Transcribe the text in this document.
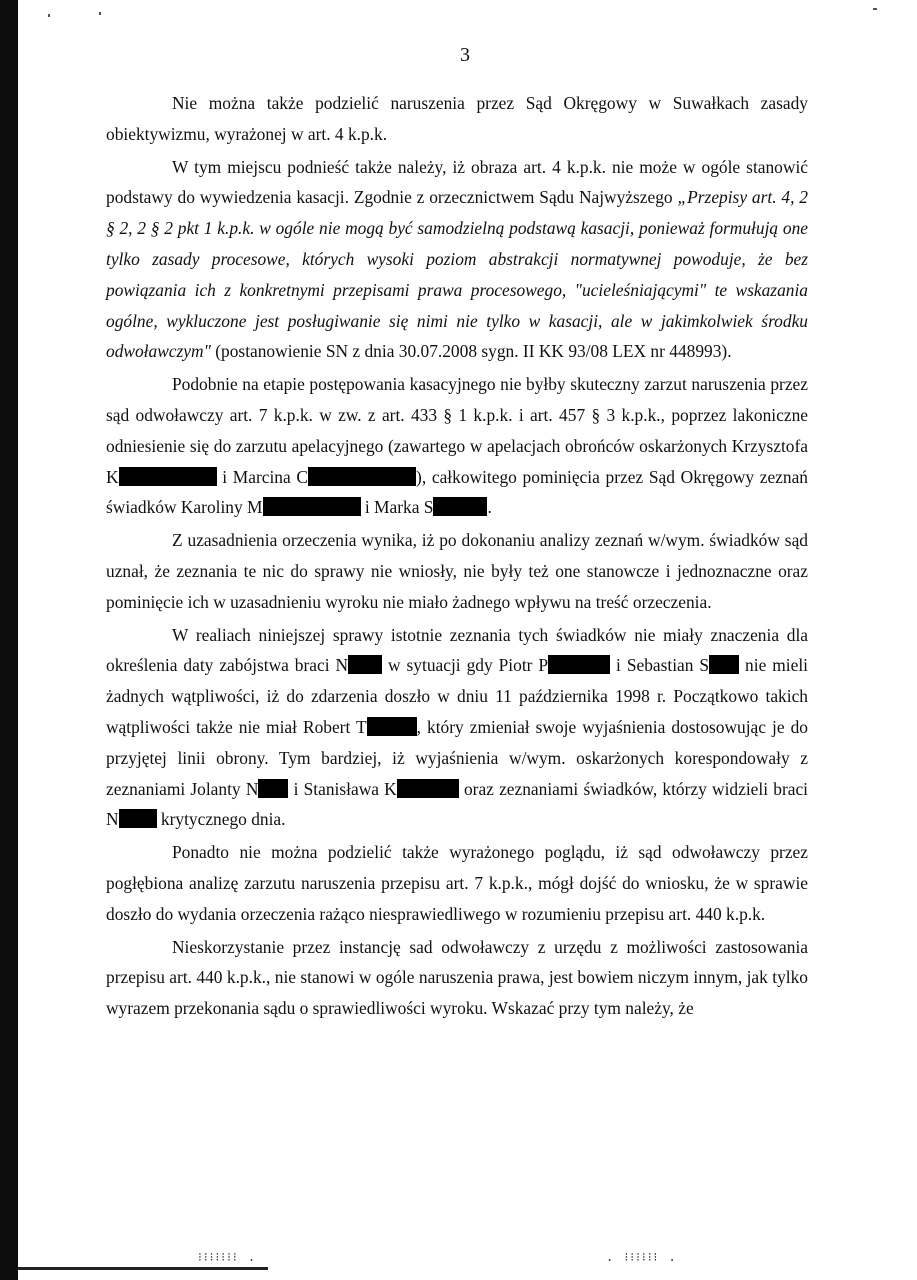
3

Nie można także podzielić naruszenia przez Sąd Okręgowy w Suwałkach zasady obiektywizmu, wyrażonej w art. 4 k.p.k.

W tym miejscu podnieść także należy, iż obraza art. 4 k.p.k. nie może w ogóle stanowić podstawy do wywiedzenia kasacji. Zgodnie z orzecznictwem Sądu Najwyższego „Przepisy art. 4, 2 § 2, 2 § 2 pkt 1 k.p.k. w ogóle nie mogą być samodzielną podstawą kasacji, ponieważ formułują one tylko zasady procesowe, których wysoki poziom abstrakcji normatywnej powoduje, że bez powiązania ich z konkretnymi przepisami prawa procesowego, "ucieleśniającymi" te wskazania ogólne, wykluczone jest posługiwanie się nimi nie tylko w kasacji, ale w jakimkolwiek środku odwoławczym" (postanowienie SN z dnia 30.07.2008 sygn. II KK 93/08 LEX nr 448993).

Podobnie na etapie postępowania kasacyjnego nie byłby skuteczny zarzut naruszenia przez sąd odwoławczy art. 7 k.p.k. w zw. z art. 433 § 1 k.p.k. i art. 457 § 3 k.p.k., poprzez lakoniczne odniesienie się do zarzutu apelacyjnego (zawartego w apelacjach obrońców oskarżonych Krzysztofa K	i Marcina C	), całkowitego pominięcia przez Sąd Okręgowy zeznań świadków Karoliny M	i Marka S	.

Z uzasadnienia orzeczenia wynika, iż po dokonaniu analizy zeznań w/wym. świadków sąd uznał, że zeznania te nic do sprawy nie wniosły, nie były też one stanowcze i jednoznaczne oraz pominięcie ich w uzasadnieniu wyroku nie miało żadnego wpływu na treść orzeczenia.

W realiach niniejszej sprawy istotnie zeznania tych świadków nie miały znaczenia dla określenia daty zabójstwa braci N w sytuacji gdy Piotr P	i Sebastian S nie mieli żadnych wątpliwości, iż do zdarzenia doszło w dniu 11 października 1998 r. Początkowo takich wątpliwości także nie miał Robert T	, który zmieniał swoje wyjaśnienia dostosowując je do przyjętej linii obrony. Tym bardziej, iż wyjaśnienia w/wym. oskarżonych korespondowały z zeznaniami Jolanty N i Stanisława K	oraz zeznaniami świadków, którzy widzieli braci N krytycznego dnia.

Ponadto nie można podzielić także wyrażonego poglądu, iż sąd odwoławczy przez pogłębiona analizę zarzutu naruszenia przepisu art. 7 k.p.k., mógł dojść do wniosku, że w sprawie doszło do wydania orzeczenia rażąco niesprawiedliwego w rozumieniu przepisu art. 440 k.p.k.

Nieskorzystanie przez instancję sad odwoławczy z urzędu z możliwości zastosowania przepisu art. 440 k.p.k., nie stanowi w ogóle naruszenia prawa, jest bowiem niczym innym, jak tylko wyrazem przekonania sądu o sprawiedliwości wyroku. Wskazać przy tym należy, że

⁝⁝⁝⁝⁝⁝⁝ .	. ⁝⁝⁝⁝⁝⁝ .
